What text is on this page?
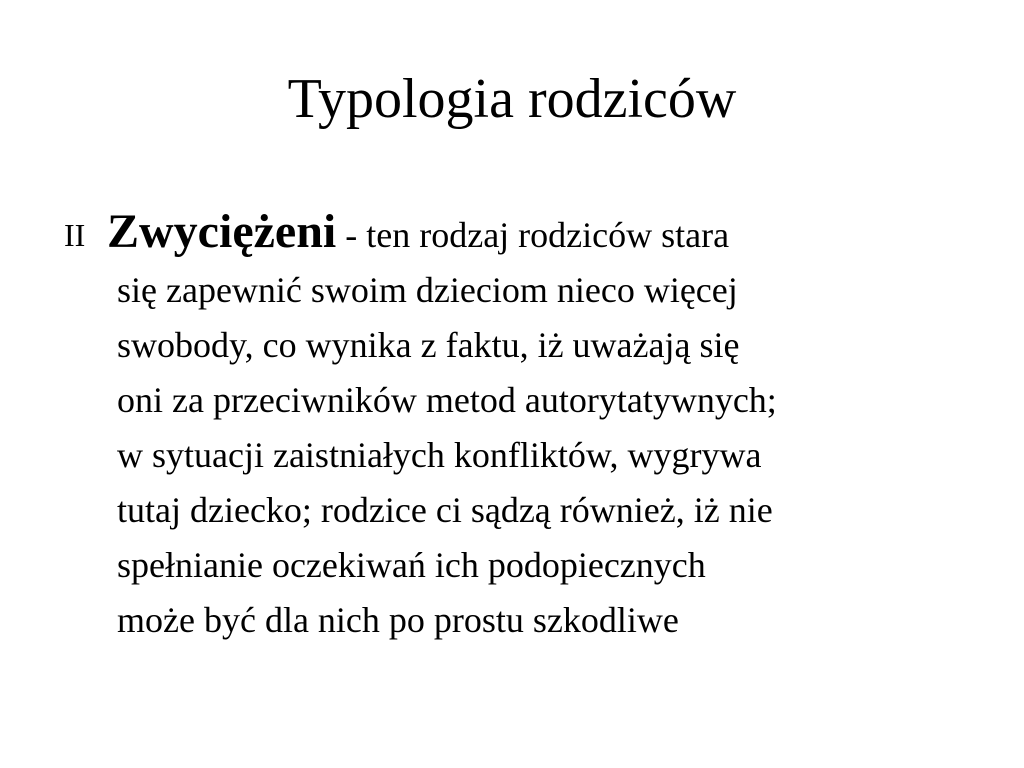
Typologia rodziców
II Zwyciężeni - ten rodzaj rodziców stara
się zapewnić swoim dzieciom nieco więcej
swobody, co wynika z faktu, iż uważają się
oni za przeciwników metod autorytatywnych;
w sytuacji zaistniałych konfliktów, wygrywa
tutaj dziecko; rodzice ci sądzą również, iż nie
spełnianie oczekiwań ich podopiecznych
może być dla nich po prostu szkodliwe
